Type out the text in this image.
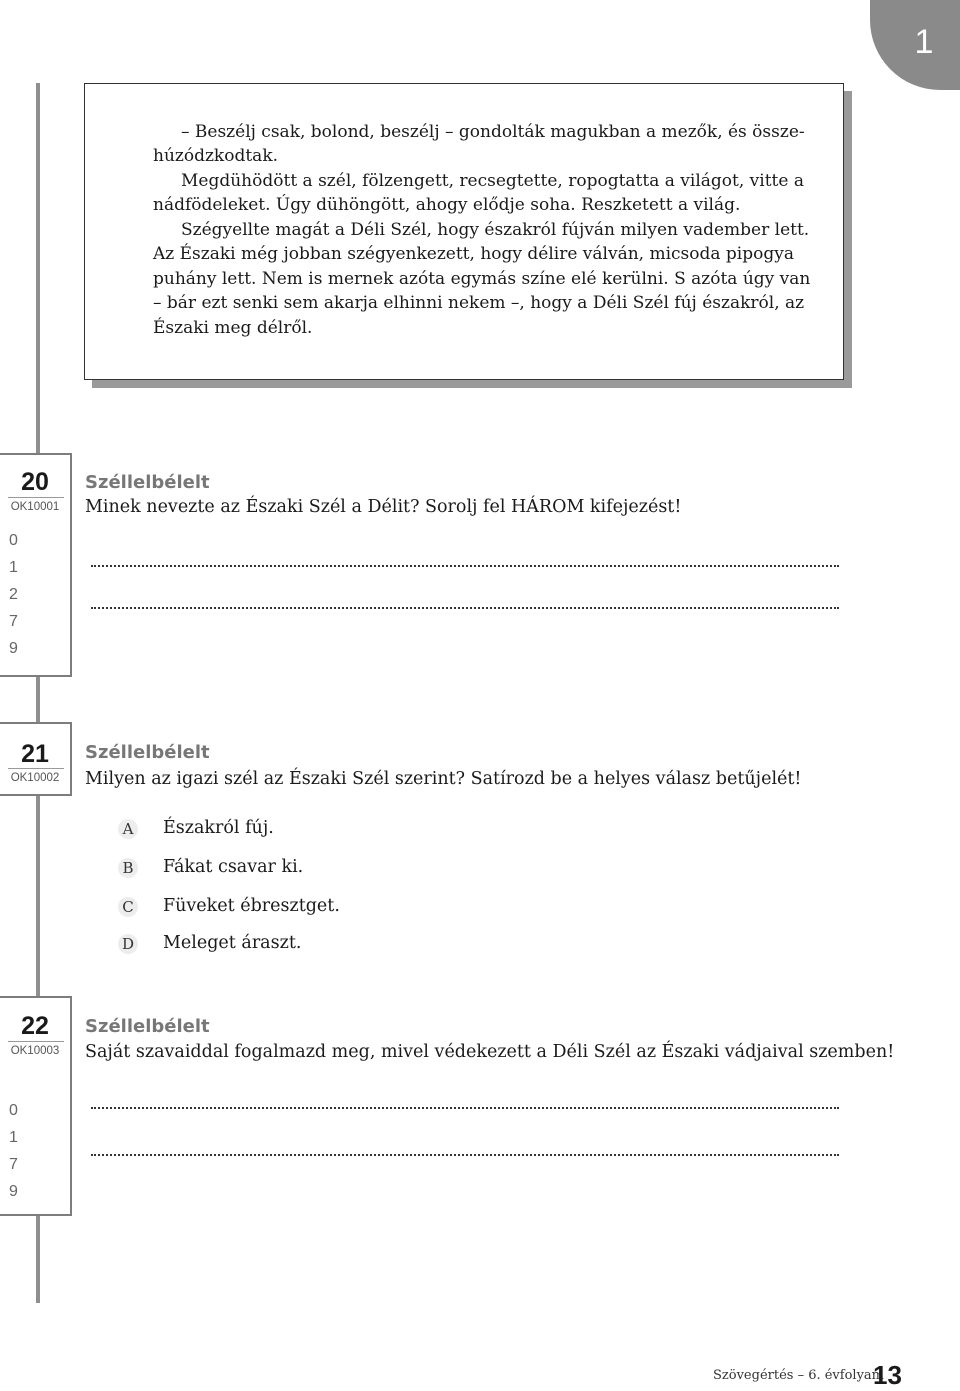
1
– Beszélj csak, bolond, beszélj – gondolták magukban a mezők, és össze-
húzódzkodtak.
Megdühödött a szél, fölzengett, recsegtette, ropogtatta a világot, vitte a
nádfödeleket. Úgy dühöngött, ahogy elődje soha. Reszketett a világ.
Szégyellte magát a Déli Szél, hogy északról fújván milyen vadember lett.
Az Északi még jobban szégyenkezett, hogy délire válván, micsoda pipogya
puhány lett. Nem is mernek azóta egymás színe elé kerülni. S azóta úgy van
– bár ezt senki sem akarja elhinni nekem –, hogy a Déli Szél fúj északról, az
Északi meg délről.
20
OK10001
0
1
2
7
9
Széllelbélelt
Minek nevezte az Északi Szél a Délit? Sorolj fel HÁROM kifejezést!
21
OK10002
Széllelbélelt
Milyen az igazi szél az Északi Szél szerint? Satírozd be a helyes válasz betűjelét!
A Északról fúj.
B Fákat csavar ki.
C Füveket ébresztget.
D Meleget áraszt.
22
OK10003
0
1
7
9
Széllelbélelt
Saját szavaiddal fogalmazd meg, mivel védekezett a Déli Szél az Északi vádjaival szemben!
Szövegértés – 6. évfolyam
13
